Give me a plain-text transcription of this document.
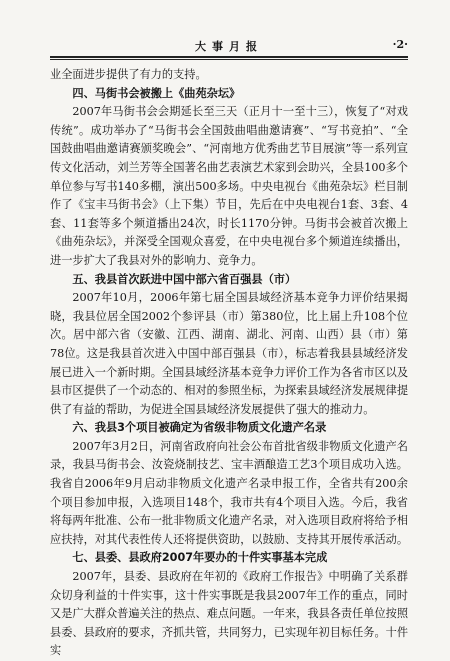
大事月报	·2·

业全面进步提供了有力的支持。

四、马街书会被搬上《曲苑杂坛》

2007年马街书会会期延长至三天（正月十一至十三），恢复了“对戏传统”。成功举办了“马街书会全国鼓曲唱曲邀请赛”、“写书竞拍”、“全国鼓曲唱曲邀请赛颁奖晚会”、“河南地方优秀曲艺节目展演”等一系列宣传文化活动，刘兰芳等全国著名曲艺表演艺术家到会助兴，全县100多个单位参与写书140多棚，演出500多场。中央电视台《曲苑杂坛》栏目制作了《宝丰马街书会》（上下集）节目，先后在中央电视台1套、3套、4套、11套等多个频道播出24次，时长1170分钟。马街书会被首次搬上《曲苑杂坛》，并深受全国观众喜爱，在中央电视台多个频道连续播出，进一步扩大了我县对外的影响力、竞争力。

五、我县首次跃进中国中部六省百强县（市）

2007年10月，2006年第七届全国县域经济基本竞争力评价结果揭晓，我县位居全国2002个参评县（市）第380位，比上届上升108个位次。居中部六省（安徽、江西、湖南、湖北、河南、山西）县（市）第78位。这是我县首次进入中国中部百强县（市），标志着我县县域经济发展已进入一个新时期。全国县域经济基本竞争力评价工作为各省市区以及县市区提供了一个动态的、相对的参照坐标，为探索县域经济发展规律提供了有益的帮助，为促进全国县域经济发展提供了强大的推动力。

六、我县3个项目被确定为省级非物质文化遗产名录

2007年3月2日，河南省政府向社会公布首批省级非物质文化遗产名录，我县马街书会、汝瓷烧制技艺、宝丰酒酿造工艺3个项目成功入选。我省自2006年9月启动非物质文化遗产名录申报工作，全省共有200余个项目参加申报，入选项目148个，我市共有4个项目入选。今后，我省将每两年批准、公布一批非物质文化遗产名录，对入选项目政府将给予相应扶持，对其代表性传人还将提供资助，以鼓励、支持其开展传承活动。

七、县委、县政府2007年要办的十件实事基本完成

2007年，县委、县政府在年初的《政府工作报告》中明确了关系群众切身利益的十件实事，这十件实事既是我县2007年工作的重点，同时又是广大群众普遍关注的热点、难点问题。一年来，我县各责任单位按照县委、县政府的要求，齐抓共管，共同努力，已实现年初目标任务。十件实
